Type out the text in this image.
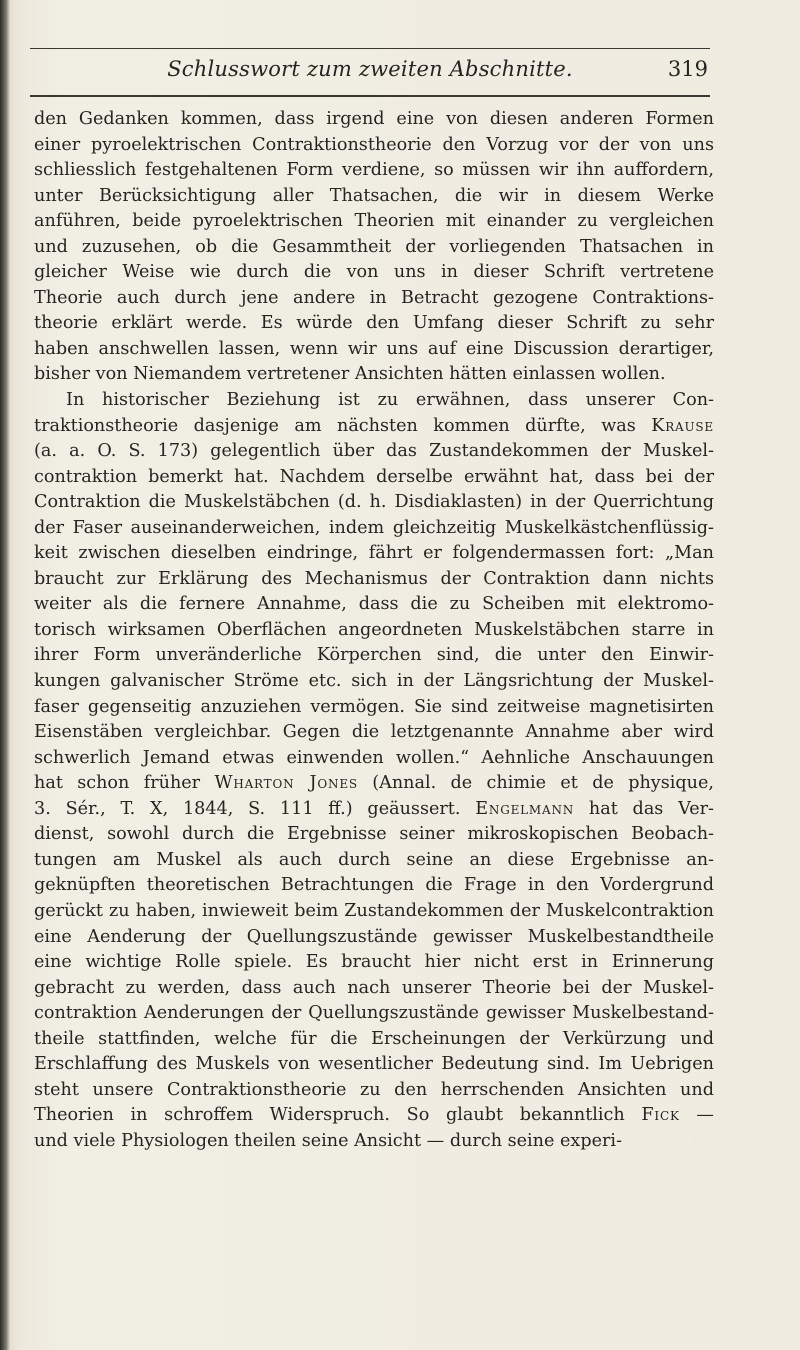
Schlusswort zum zweiten Abschnitte.	319
den Gedanken kommen, dass irgend eine von diesen anderen Formen
einer pyroelektrischen Contraktionstheorie den Vorzug vor der von uns
schliesslich festgehaltenen Form verdiene, so müssen wir ihn auffordern,
unter Berücksichtigung aller Thatsachen, die wir in diesem Werke
anführen, beide pyroelektrischen Theorien mit einander zu vergleichen
und zuzusehen, ob die Gesammtheit der vorliegenden Thatsachen in
gleicher Weise wie durch die von uns in dieser Schrift vertretene
Theorie auch durch jene andere in Betracht gezogene Contraktions-
theorie erklärt werde. Es würde den Umfang dieser Schrift zu sehr
haben anschwellen lassen, wenn wir uns auf eine Discussion derartiger,
bisher von Niemandem vertretener Ansichten hätten einlassen wollen.
In historischer Beziehung ist zu erwähnen, dass unserer Con-
traktionstheorie dasjenige am nächsten kommen dürfte, was Krause
(a. a. O. S. 173) gelegentlich über das Zustandekommen der Muskel-
contraktion bemerkt hat. Nachdem derselbe erwähnt hat, dass bei der
Contraktion die Muskelstäbchen (d. h. Disdiaklasten) in der Querrichtung
der Faser auseinanderweichen, indem gleichzeitig Muskelkästchenflüssig-
keit zwischen dieselben eindringe, fährt er folgendermassen fort: „Man
braucht zur Erklärung des Mechanismus der Contraktion dann nichts
weiter als die fernere Annahme, dass die zu Scheiben mit elektromo-
torisch wirksamen Oberflächen angeordneten Muskelstäbchen starre in
ihrer Form unveränderliche Körperchen sind, die unter den Einwir-
kungen galvanischer Ströme etc. sich in der Längsrichtung der Muskel-
faser gegenseitig anzuziehen vermögen. Sie sind zeitweise magnetisirten
Eisenstäben vergleichbar. Gegen die letztgenannte Annahme aber wird
schwerlich Jemand etwas einwenden wollen.“ Aehnliche Anschauungen
hat schon früher Wharton Jones (Annal. de chimie et de physique,
3. Sér., T. X, 1844, S. 111 ff.) geäussert. Engelmann hat das Ver-
dienst, sowohl durch die Ergebnisse seiner mikroskopischen Beobach-
tungen am Muskel als auch durch seine an diese Ergebnisse an-
geknüpften theoretischen Betrachtungen die Frage in den Vordergrund
gerückt zu haben, inwieweit beim Zustandekommen der Muskelcontraktion
eine Aenderung der Quellungszustände gewisser Muskelbestandtheile
eine wichtige Rolle spiele. Es braucht hier nicht erst in Erinnerung
gebracht zu werden, dass auch nach unserer Theorie bei der Muskel-
contraktion Aenderungen der Quellungszustände gewisser Muskelbestand-
theile stattfinden, welche für die Erscheinungen der Verkürzung und
Erschlaffung des Muskels von wesentlicher Bedeutung sind. Im Uebrigen
steht unsere Contraktionstheorie zu den herrschenden Ansichten und
Theorien in schroffem Widerspruch. So glaubt bekanntlich Fick —
und viele Physiologen theilen seine Ansicht — durch seine experi-
